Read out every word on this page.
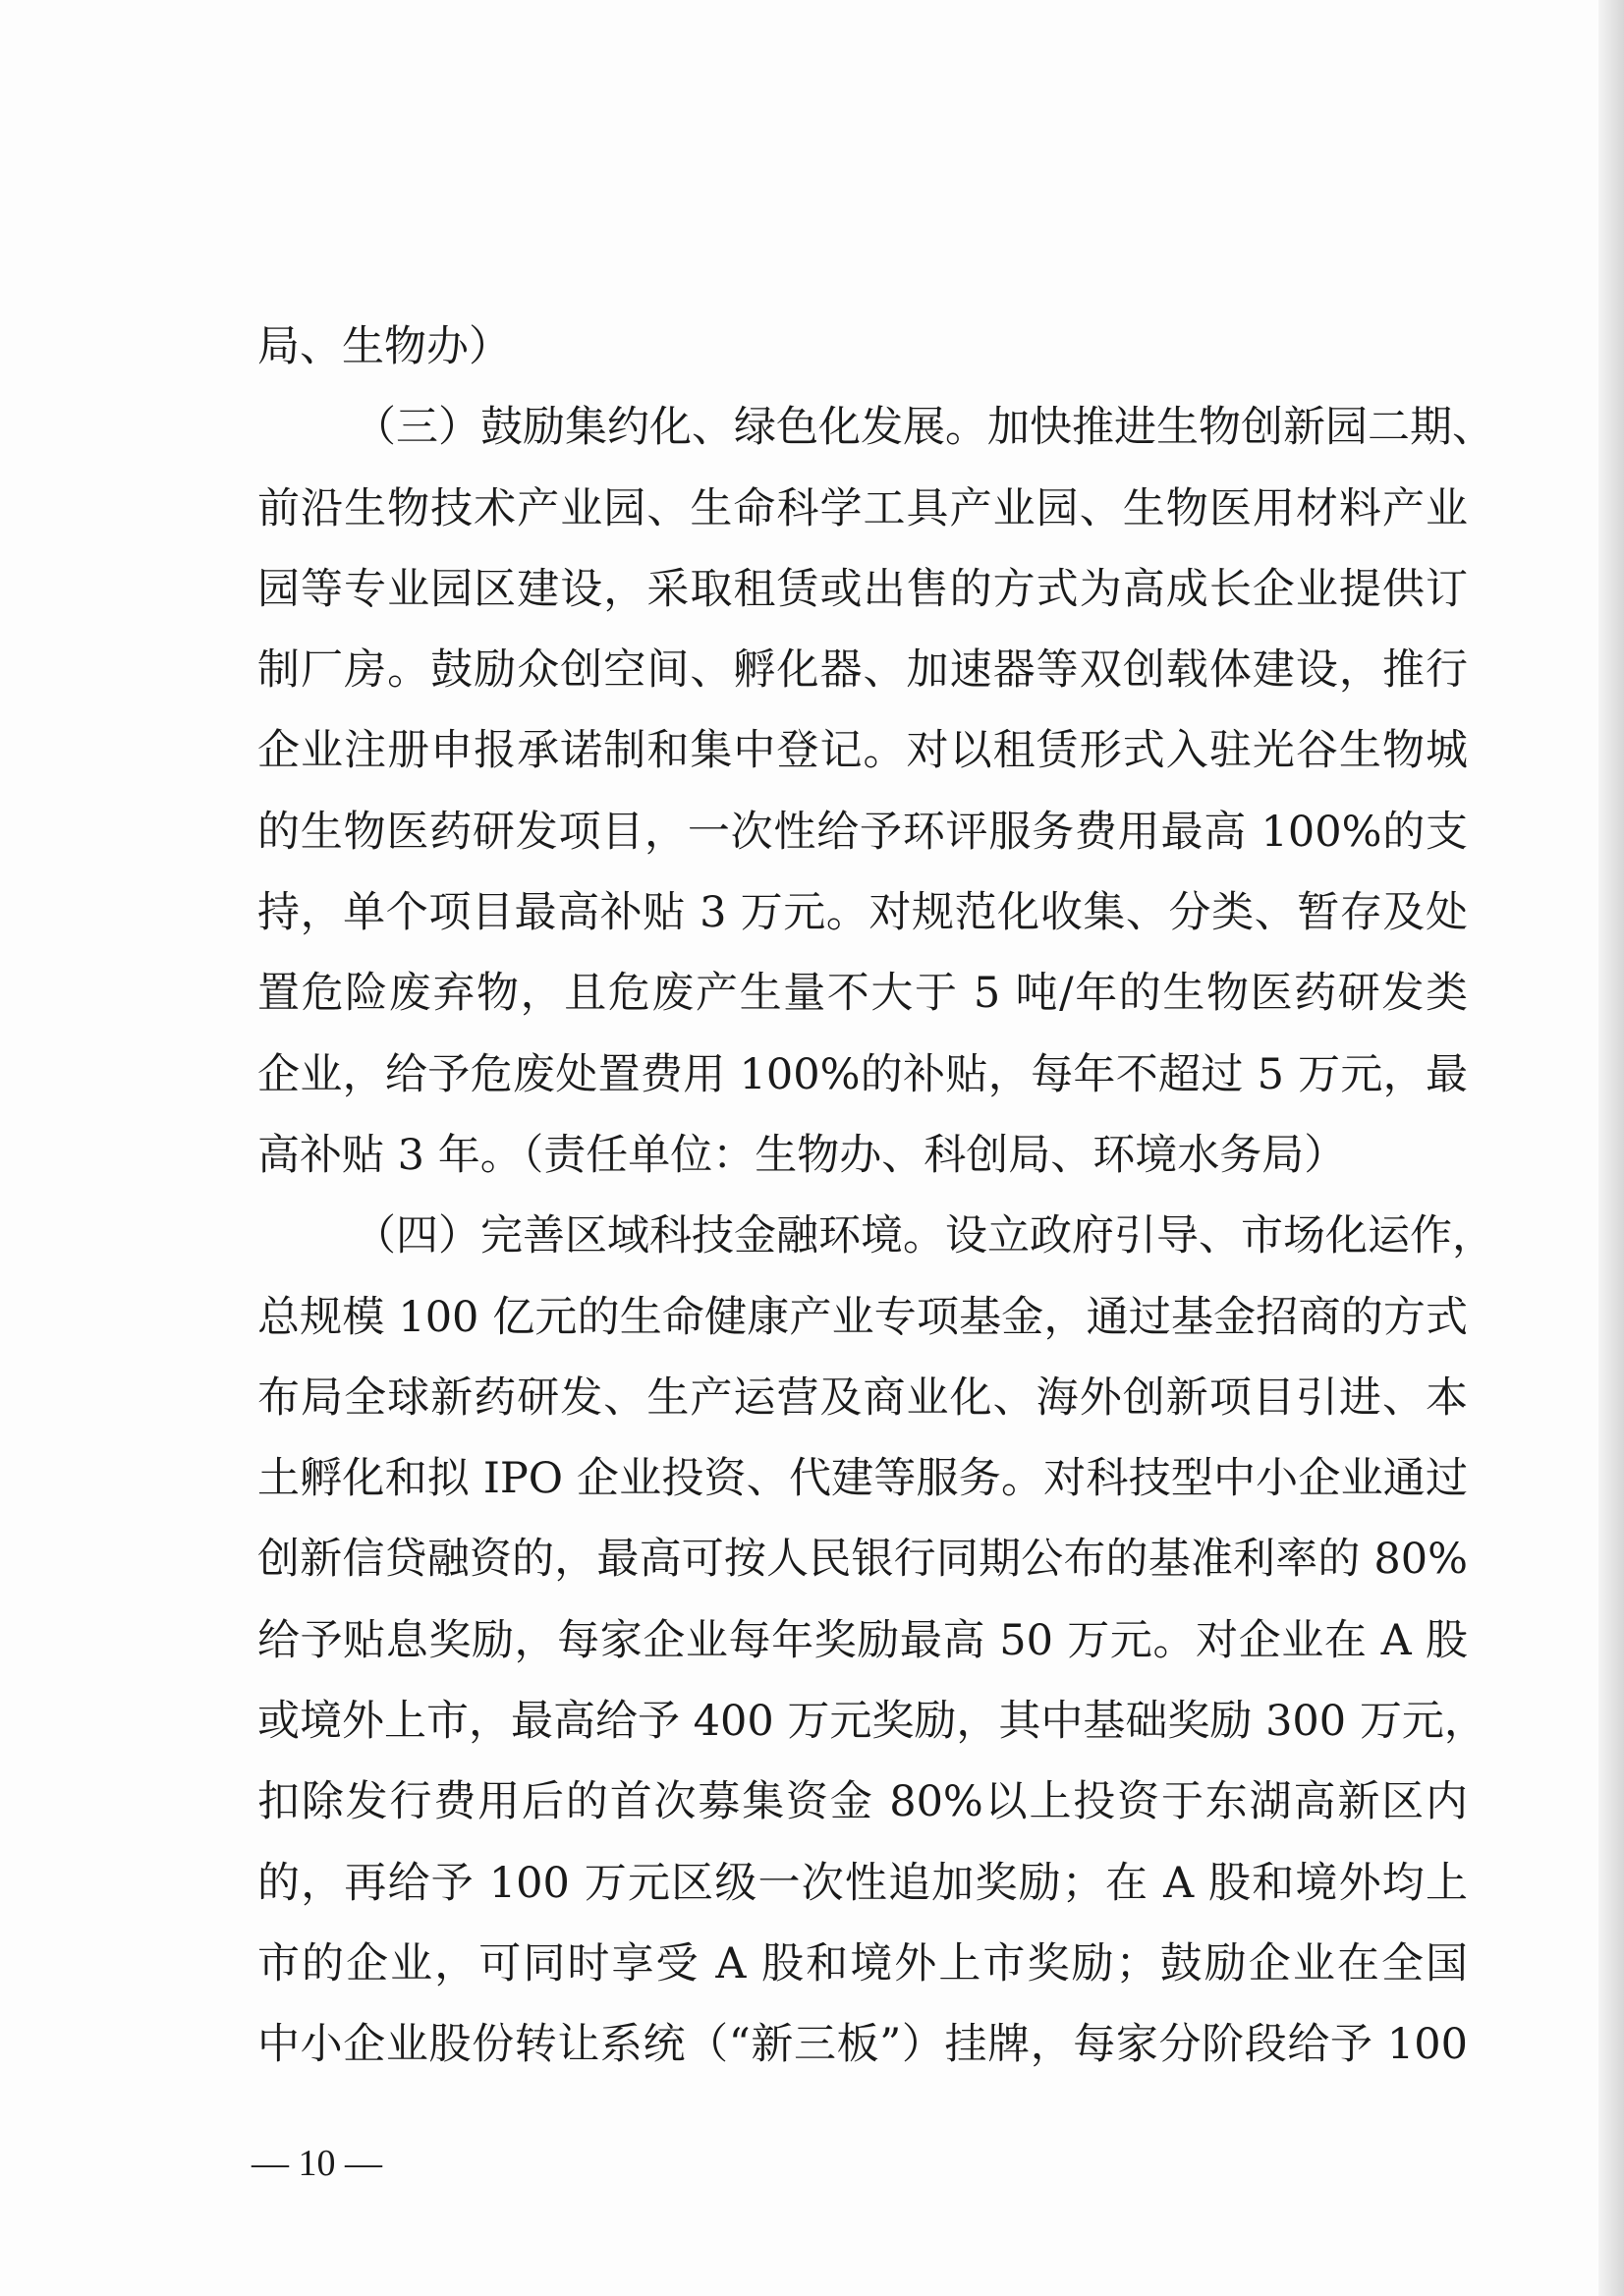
局、生物办）
（三）鼓励集约化、绿色化发展。加快推进生物创新园二期、
前沿生物技术产业园、生命科学工具产业园、生物医用材料产业
园等专业园区建设，采取租赁或出售的方式为高成长企业提供订
制厂房。鼓励众创空间、孵化器、加速器等双创载体建设，推行
企业注册申报承诺制和集中登记。对以租赁形式入驻光谷生物城
的生物医药研发项目，一次性给予环评服务费用最高 100%的支
持，单个项目最高补贴 3 万元。对规范化收集、分类、暂存及处
置危险废弃物，且危废产生量不大于 5 吨/年的生物医药研发类
企业，给予危废处置费用 100%的补贴，每年不超过 5 万元，最
高补贴 3 年。（责任单位：生物办、科创局、环境水务局）
（四）完善区域科技金融环境。设立政府引导、市场化运作，
总规模 100 亿元的生命健康产业专项基金，通过基金招商的方式
布局全球新药研发、生产运营及商业化、海外创新项目引进、本
土孵化和拟 IPO 企业投资、代建等服务。对科技型中小企业通过
创新信贷融资的，最高可按人民银行同期公布的基准利率的 80%
给予贴息奖励，每家企业每年奖励最高 50 万元。对企业在 A 股
或境外上市，最高给予 400 万元奖励，其中基础奖励 300 万元，
扣除发行费用后的首次募集资金 80%以上投资于东湖高新区内
的，再给予 100 万元区级一次性追加奖励；在 A 股和境外均上
市的企业，可同时享受 A 股和境外上市奖励；鼓励企业在全国
中小企业股份转让系统（“新三板”）挂牌，每家分阶段给予 100
— 10 —
